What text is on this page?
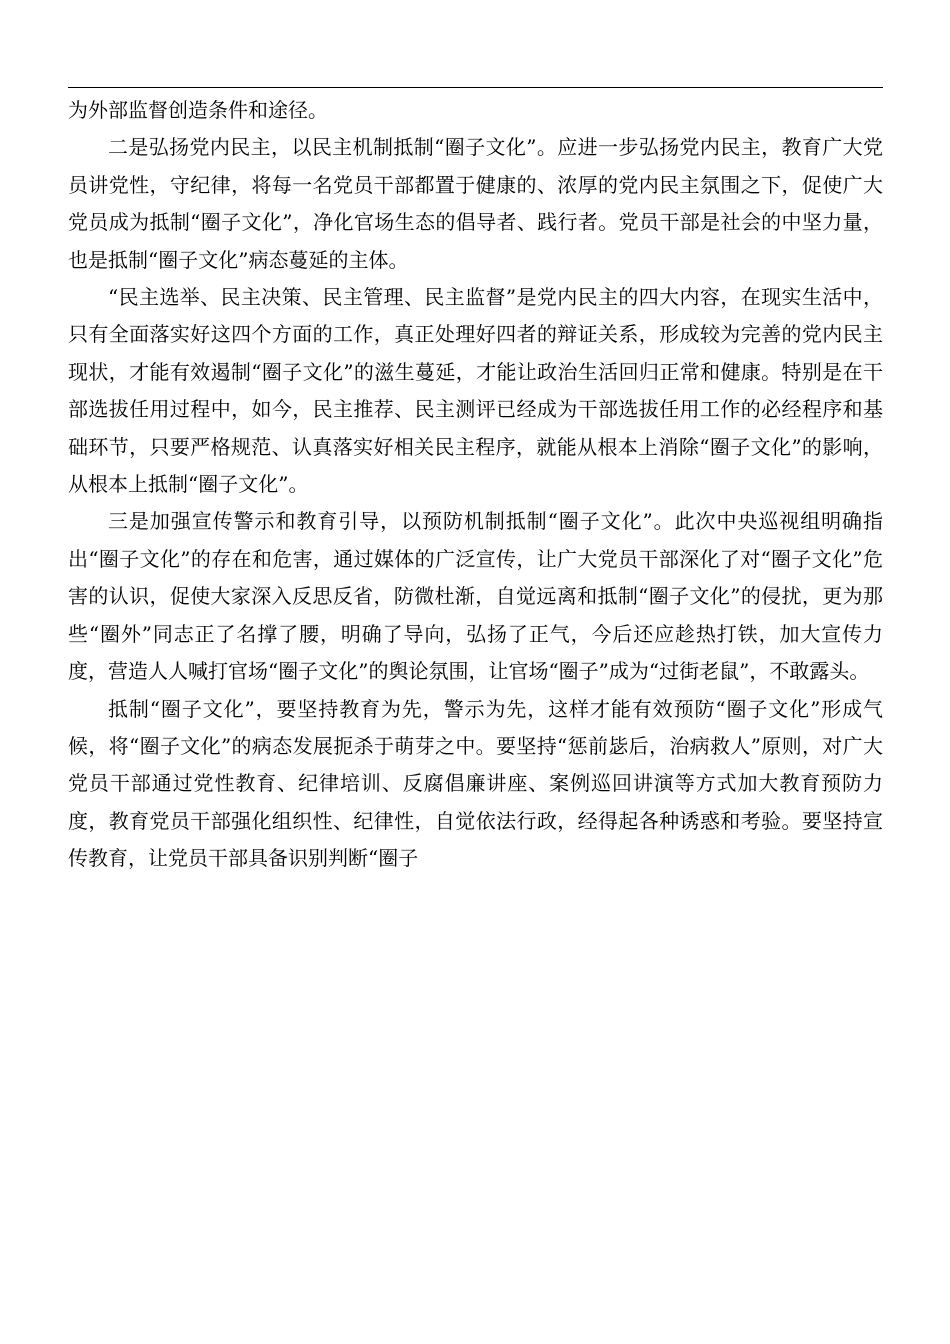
为外部监督创造条件和途径。

二是弘扬党内民主，以民主机制抵制“圈子文化”。应进一步弘扬党内民主，教育广大党员讲党性，守纪律，将每一名党员干部都置于健康的、浓厚的党内民主氛围之下，促使广大党员成为抵制“圈子文化”，净化官场生态的倡导者、践行者。党员干部是社会的中坚力量，也是抵制“圈子文化”病态蔓延的主体。

“民主选举、民主决策、民主管理、民主监督”是党内民主的四大内容，在现实生活中，只有全面落实好这四个方面的工作，真正处理好四者的辩证关系，形成较为完善的党内民主现状，才能有效遏制“圈子文化”的滋生蔓延，才能让政治生活回归正常和健康。特别是在干部选拔任用过程中，如今，民主推荐、民主测评已经成为干部选拔任用工作的必经程序和基础环节，只要严格规范、认真落实好相关民主程序，就能从根本上消除“圈子文化”的影响，从根本上抵制“圈子文化”。

三是加强宣传警示和教育引导，以预防机制抵制“圈子文化”。此次中央巡视组明确指出“圈子文化”的存在和危害，通过媒体的广泛宣传，让广大党员干部深化了对“圈子文化”危害的认识，促使大家深入反思反省，防微杜渐，自觉远离和抵制“圈子文化”的侵扰，更为那些“圈外”同志正了名撑了腰，明确了导向，弘扬了正气，今后还应趁热打铁，加大宣传力度，营造人人喊打官场“圈子文化”的舆论氛围，让官场“圈子”成为“过街老鼠”，不敢露头。

抵制“圈子文化”，要坚持教育为先，警示为先，这样才能有效预防“圈子文化”形成气候，将“圈子文化”的病态发展扼杀于萌芽之中。要坚持“惩前毖后，治病救人”原则，对广大党员干部通过党性教育、纪律培训、反腐倡廉讲座、案例巡回讲演等方式加大教育预防力度，教育党员干部强化组织性、纪律性，自觉依法行政，经得起各种诱惑和考验。要坚持宣传教育，让党员干部具备识别判断“圈子
